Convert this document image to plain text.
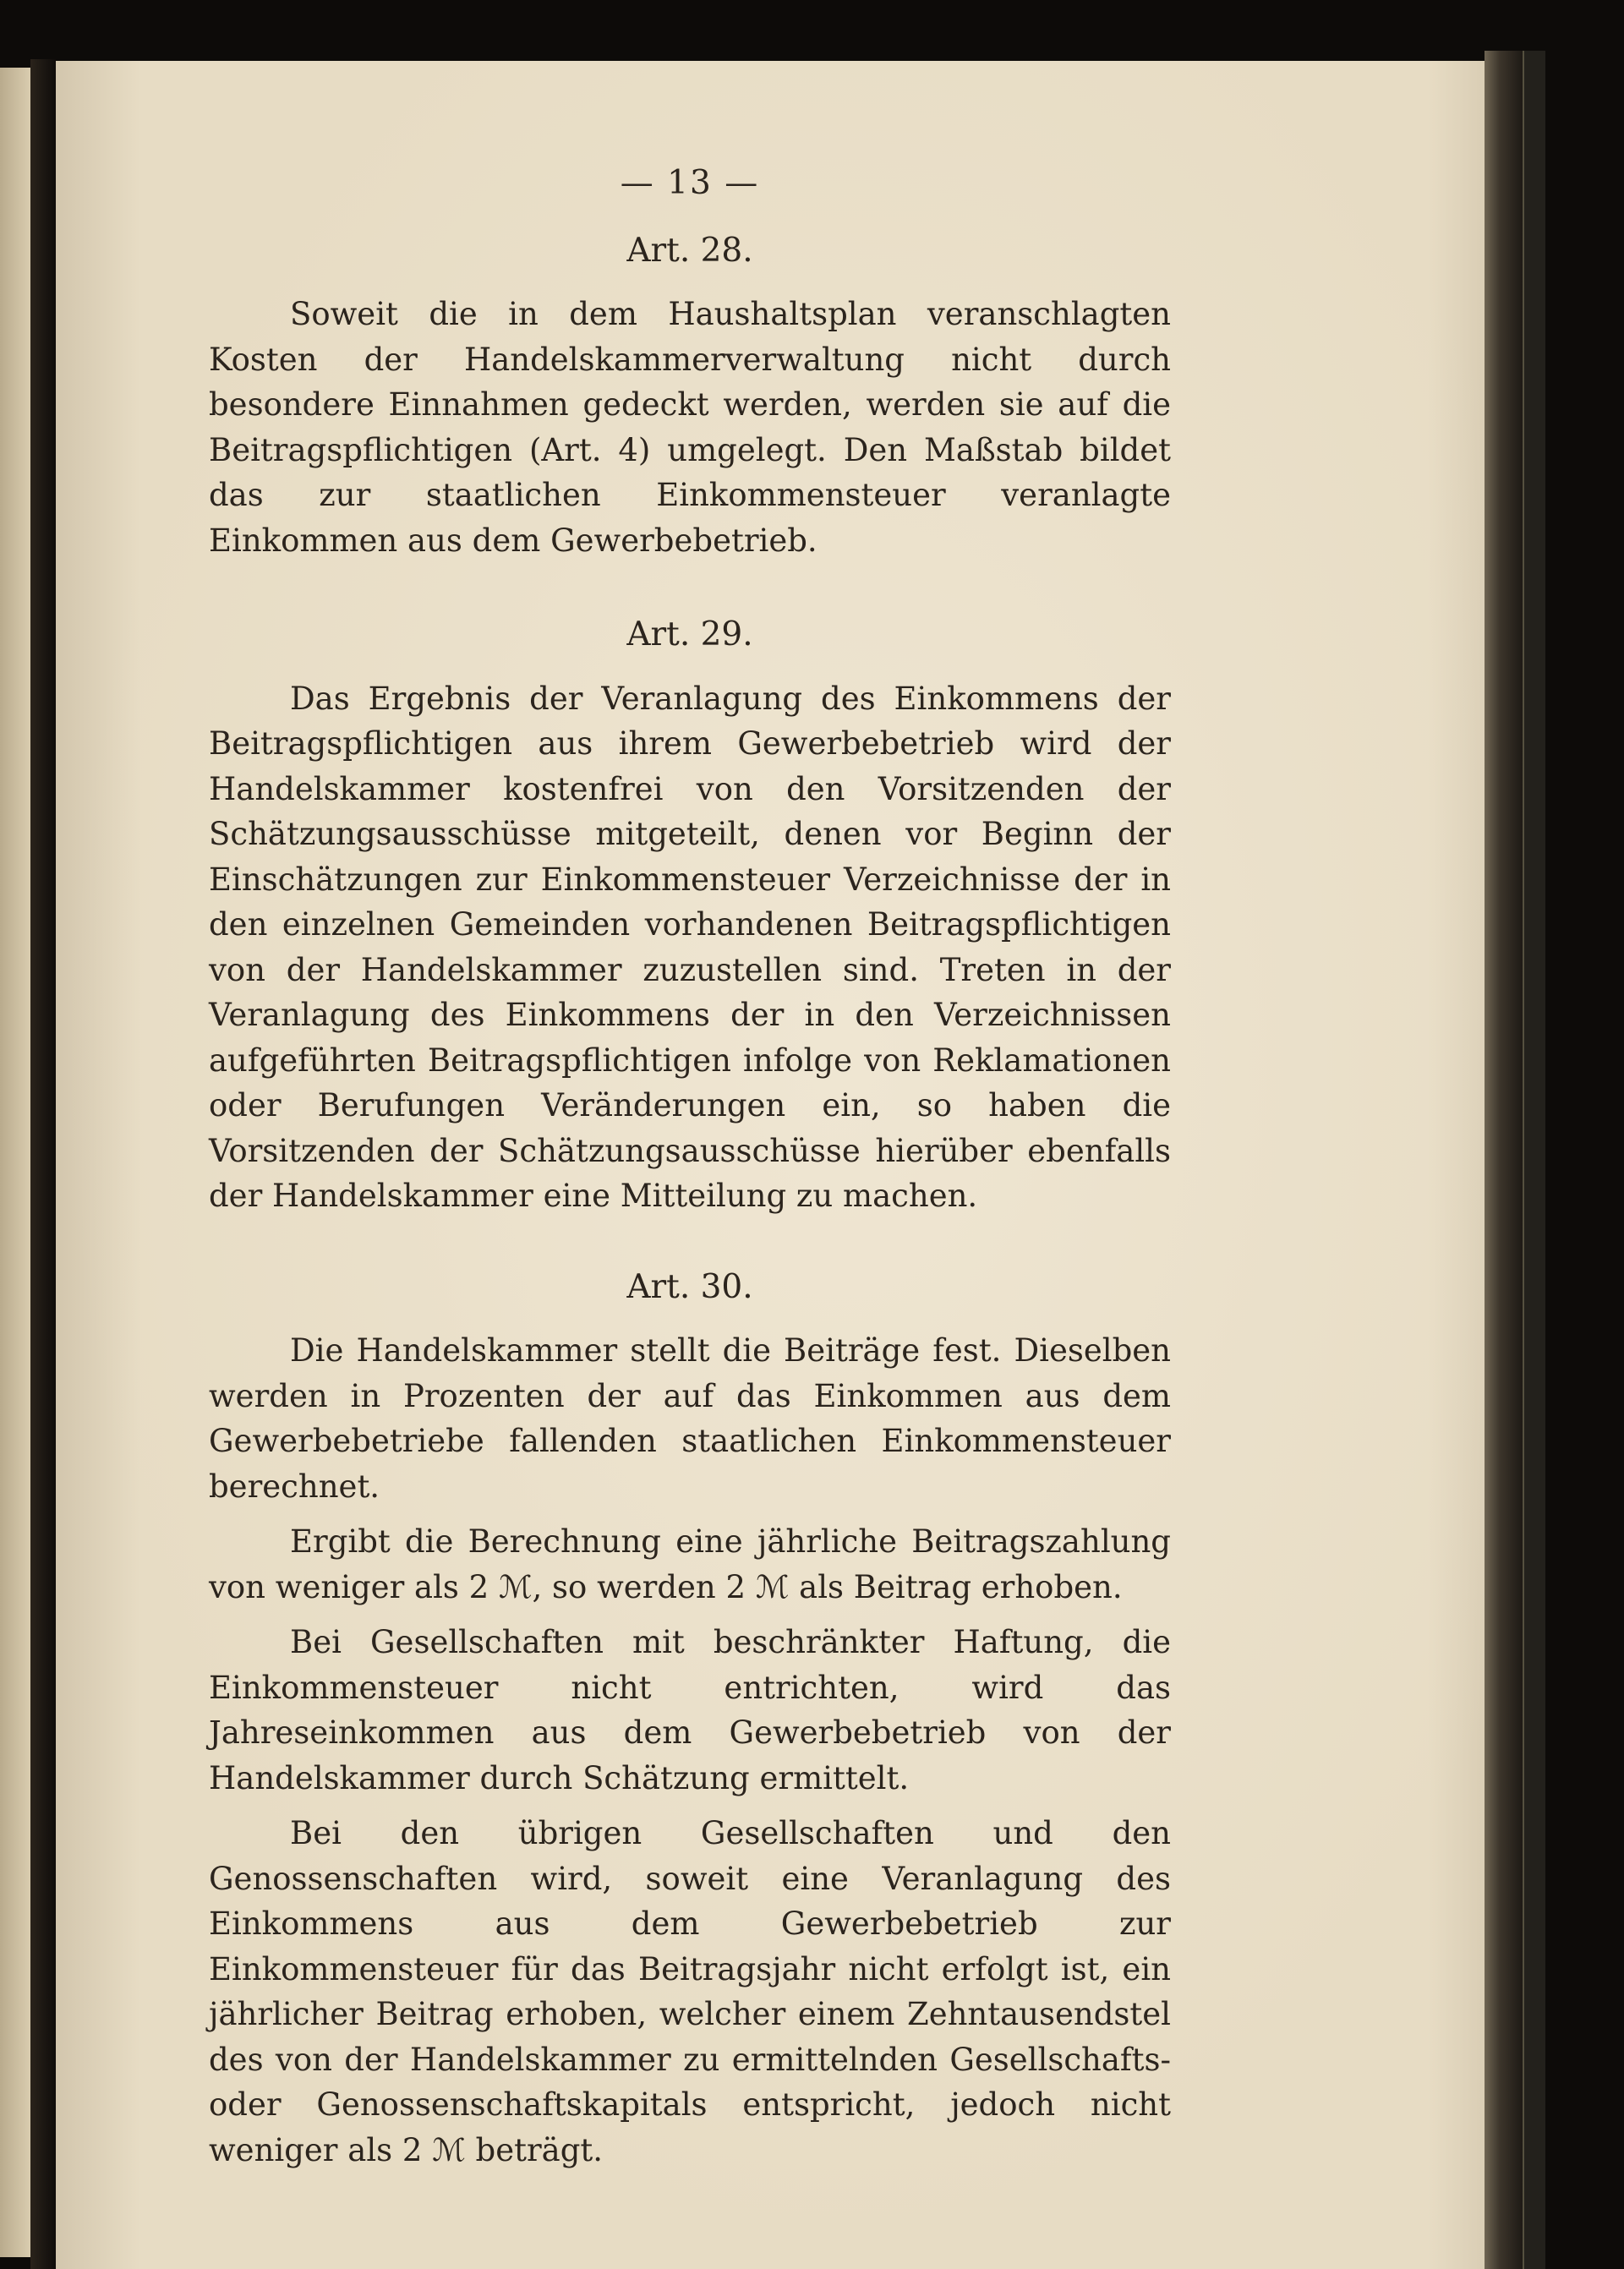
— 13 —
Art. 28.

Soweit die in dem Haushaltsplan veranschlagten Kosten der Handelskammerverwaltung nicht durch besondere Einnahmen gedeckt werden, werden sie auf die Beitragspflichtigen (Art. 4) umgelegt. Den Maßstab bildet das zur staatlichen Einkommensteuer veranlagte Einkommen aus dem Gewerbebetrieb.

Art. 29.

Das Ergebnis der Veranlagung des Einkommens der Beitragspflichtigen aus ihrem Gewerbebetrieb wird der Handelskammer kostenfrei von den Vorsitzenden der Schätzungsausschüsse mitgeteilt, denen vor Beginn der Einschätzungen zur Einkommensteuer Verzeichnisse der in den einzelnen Gemeinden vorhandenen Beitragspflichtigen von der Handelskammer zuzustellen sind. Treten in der Veranlagung des Einkommens der in den Verzeichnissen aufgeführten Beitragspflichtigen infolge von Reklamationen oder Berufungen Veränderungen ein, so haben die Vorsitzenden der Schätzungsausschüsse hierüber ebenfalls der Handelskammer eine Mitteilung zu machen.

Art. 30.

Die Handelskammer stellt die Beiträge fest. Dieselben werden in Prozenten der auf das Einkommen aus dem Gewerbebetriebe fallenden staatlichen Einkommensteuer berechnet.

Ergibt die Berechnung eine jährliche Beitragszahlung von weniger als 2 ℳ, so werden 2 ℳ als Beitrag erhoben.

Bei Gesellschaften mit beschränkter Haftung, die Einkommensteuer nicht entrichten, wird das Jahreseinkommen aus dem Gewerbebetrieb von der Handelskammer durch Schätzung ermittelt.

Bei den übrigen Gesellschaften und den Genossenschaften wird, soweit eine Veranlagung des Einkommens aus dem Gewerbebetrieb zur Einkommensteuer für das Beitragsjahr nicht erfolgt ist, ein jährlicher Beitrag erhoben, welcher einem Zehntausendstel des von der Handelskammer zu ermittelnden Gesellschafts- oder Genossenschaftskapitals entspricht, jedoch nicht weniger als 2 ℳ beträgt.
